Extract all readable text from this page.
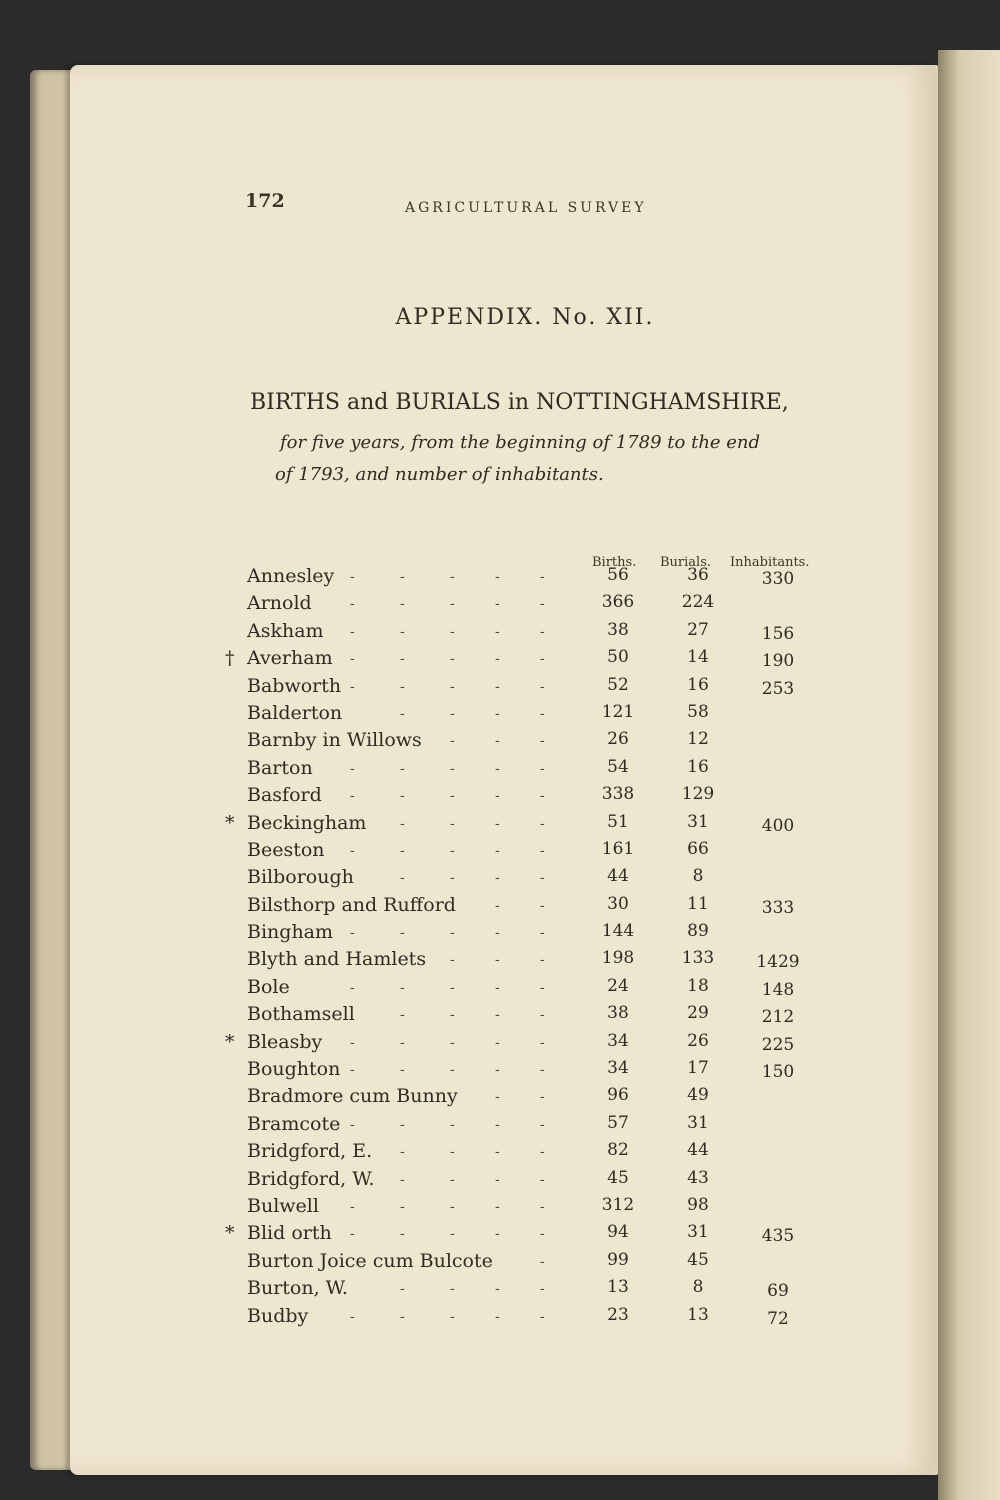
172	AGRICULTURAL SURVEY
APPENDIX. No. XII.
BIRTHS and BURIALS in NOTTINGHAMSHIRE,
for five years, from the beginning of 1789 to the end
of 1793, and number of inhabitants.
Births. Burials. Inhabitants.
Annesley	56	36	330
-	-	-	-	-
Arnold	366	224
-	-	-	-	-
Askham	38	27	156
-	-	-	-	-
† Averham	50	14	190
-	-	-	-	-
Babworth	52	16	253
-	-	-	-	-
Balderton	121	58
-	-	-	-
Barnby in Willows	26	12
-	-	-
Barton	54	16
-	-	-	-	-
Basford	338	129
-	-	-	-	-
* Beckingham	51	31	400
-	-	-	-
Beeston	161	66
-	-	-	-	-
Bilborough	44	8
-	-	-	-
Bilsthorp and Rufford	30	11	333
-	-
Bingham	144	89
-	-	-	-	-
Blyth and Hamlets	198	133	1429
-	-	-
Bole	24	18	148
-	-	-	-	-
Bothamsell	38	29	212
-	-	-	-
* Bleasby	34	26	225
-	-	-	-	-
Boughton	34	17	150
-	-	-	-	-
Bradmore cum Bunny	96	49
-	-
Bramcote	57	31
-	-	-	-	-
Bridgford, E.	82	44
-	-	-	-
Bridgford, W.	45	43
-	-	-	-
Bulwell	312	98
-	-	-	-	-
* Blid orth	94	31	435
-	-	-	-	-
Burton Joice cum Bulcote	99	45
-
Burton, W.	13	8	69
-	-	-	-
Budby	23	13	72
-	-	-	-	-
